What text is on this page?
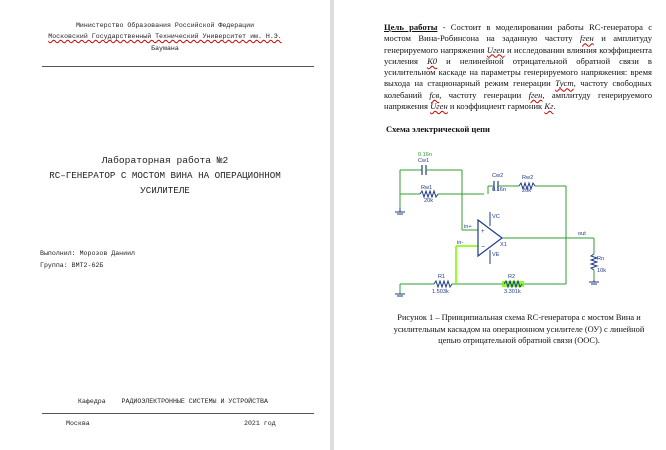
Министерство Образования Российской Федерации
Московский Государственный Технический Университет им. Н.Э.
Баумана
Лабораторная работа №2
RC–ГЕНЕРАТОР С МОСТОМ ВИНА НА ОПЕРАЦИОННОМ
УСИЛИТЕЛЕ
Выполнил: Морозов Даниил
Группа: ВМТ2-62Б
Кафедра РАДИОЭЛЕКТРОННЫЕ СИСТЕМЫ И УСТРОЙСТВА
Москва	2021 год
Цель работы - Состоит в моделировании работы RC-генератора с мостом Вина-Робинсона на заданную частоту fген и амплитуду генерируемого напряжения Uген и исследовании влияния коэффициента усиления K0 и нелинейной отрицательной обратной связи в усилительном каскаде на параметры генерируемого напряжения: время выхода на стационарный режим генерации Туст, частоту свободных колебаний fсв, частоту генерации fген, амплитуду генерируемого напряжения Uген и коэффициент гармоник Kг.
Схема электрической цепи
+
−
0.16n
Cw1
Rw1
20k
Cw2
0.16n
Rw2
20k
in+
VC
X1
in-
VE
out
Rn
10k
R1
1.503k
R2
3.301k
Рисунок 1 – Принципиальная схема RC-генератора с мостом Вина и усилительным каскадом на операционном усилителе (ОУ) с линейной цепью отрицательной обратной связи (ООС).
